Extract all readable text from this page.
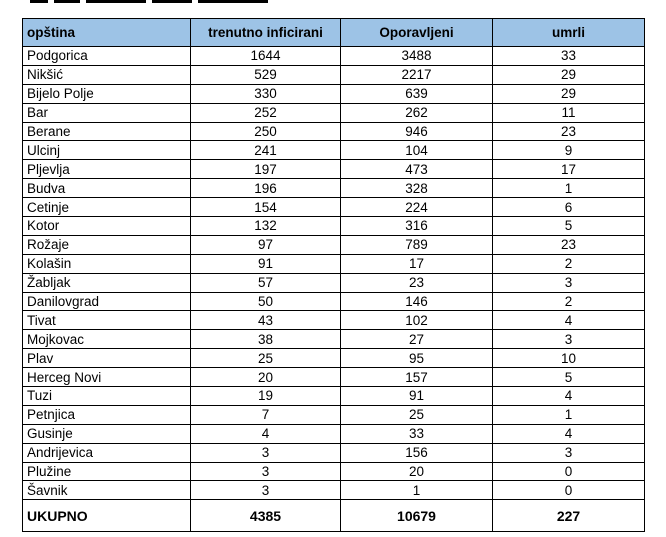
opština	trenutno inficirani	Oporavljeni	umrli
Podgorica	1644	3488	33
Nikšić	529	2217	29
Bijelo Polje	330	639	29
Bar	252	262	11
Berane	250	946	23
Ulcinj	241	104	9
Pljevlja	197	473	17
Budva	196	328	1
Cetinje	154	224	6
Kotor	132	316	5
Rožaje	97	789	23
Kolašin	91	17	2
Žabljak	57	23	3
Danilovgrad	50	146	2
Tivat	43	102	4
Mojkovac	38	27	3
Plav	25	95	10
Herceg Novi	20	157	5
Tuzi	19	91	4
Petnjica	7	25	1
Gusinje	4	33	4
Andrijevica	3	156	3
Plužine	3	20	0
Šavnik	3	1	0
UKUPNO	4385	10679	227
